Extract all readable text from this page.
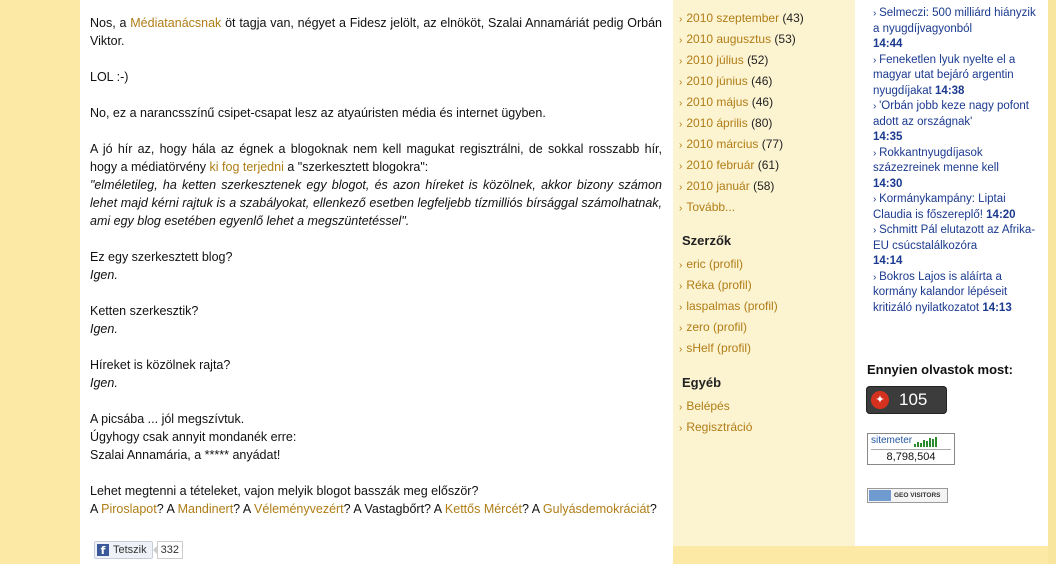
Nos, a Médiatanácsnak öt tagja van, négyet a Fidesz jelölt, az elnököt, Szalai Annamáriát pedig Orbán Viktor.

LOL :-)

No, ez a narancsszínű csipet-csapat lesz az atyaúristen média és internet ügyben.

A jó hír az, hogy hála az égnek a blogoknak nem kell magukat regisztrálni, de sokkal rosszabb hír, hogy a médiatörvény ki fog terjedni a "szerkesztett blogokra":
"elméletileg, ha ketten szerkesztenek egy blogot, és azon híreket is közölnek, akkor bizony számon lehet majd kérni rajtuk is a szabályokat, ellenkező esetben legfeljebb tízmilliós bírsággal számolhatnak, ami egy blog esetében egyenlő lehet a megszüntetéssel".

Ez egy szerkesztett blog?
Igen.

Ketten szerkesztik?
Igen.

Híreket is közölnek rajta?
Igen.

A picsába ... jól megszívtuk.
Úgyhogy csak annyit mondanék erre:
Szalai Annamária, a ***** anyádat!

Lehet megtenni a tételeket, vajon melyik blogot basszák meg először?
A Piroslapot? A Mandinert? A Véleményvezért? A Vastagbőrt? A Kettős Mércét? A Gulyásdemokráciát?

f Tetszik	332
› 2010 szeptember (43)
› 2010 augusztus (53)
› 2010 július (52)
› 2010 június (46)
› 2010 május (46)
› 2010 április (80)
› 2010 március (77)
› 2010 február (61)
› 2010 január (58)
› Tovább...
Szerzők
› eric (profil)
› Réka (profil)
› laspalmas (profil)
› zero (profil)
› sHelf (profil)
Egyéb
› Belépés
› Regisztráció
› Selmeczi: 500 milliárd hiányzik a nyugdíjvagyonból
14:44
› Feneketlen lyuk nyelte el a magyar utat bejáró argentin nyugdíjakat 14:38
› 'Orbán jobb keze nagy pofont adott az országnak'
14:35
› Rokkantnyugdíjasok százezreinek menne kell
14:30
› Kormánykampány: Liptai Claudia is főszereplő! 14:20
› Schmitt Pál elutazott az Afrika-EU csúcstalálkozóra
14:14
› Bokros Lajos is aláírta a kormány kalandor lépéseit kritizáló nyilatkozatot 14:13
Ennyien olvastok most:
✦ 105
sitemeter
8,798,504
GEO VISITORS
